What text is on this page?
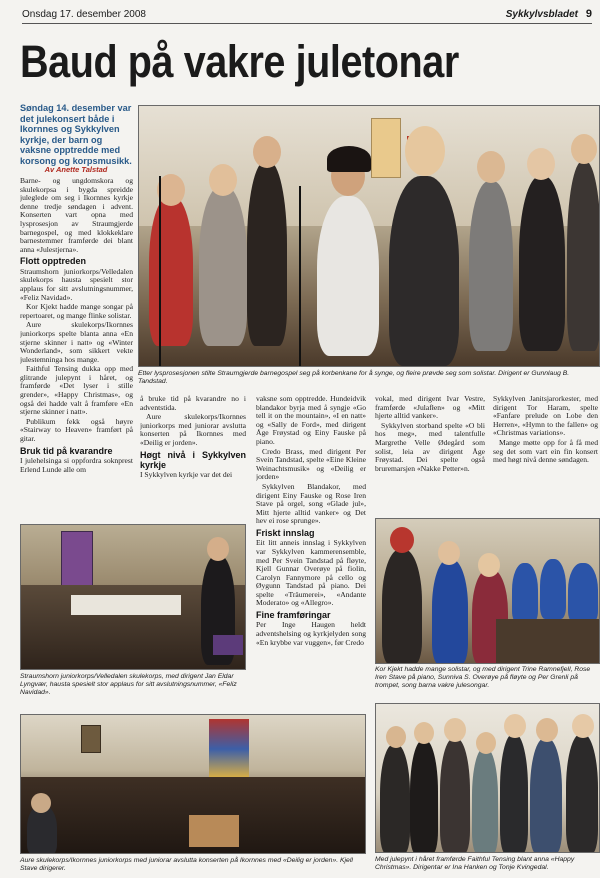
Onsdag 17. desember 2008	Sykkylvsbladet 9
Baud på vakre juletonar
Søndag 14. desember var det julekonsert både i Ikornnes og Sykkylven kyrkje, der barn og vaksne opptredde med korsong og korpsmusikk.
Av Anette Talstad

Barne- og ungdomskora og skulekorpsa i bygda spreidde juleglede om seg i Ikornnes kyrkje denne tredje søndagen i advent. Konserten vart opna med lysprosesjon av Straumgjerde barnegospel, og med klokkeklare barnestemmer framførde dei blant anna «Julestjerna».

Flott opptreden

Straumshorn juniorkorps/Velledalen skulekorps hausta spesielt stor applaus for sitt avslutningsnummer, «Feliz Navidad».

Kor Kjekt hadde mange songar på repertoaret, og mange flinke solistar.

Aure skulekorps/Ikornnes juniorkorps spelte blanta anna «En stjerne skinner i natt» og «Winter Wonderland», som sikkert vekte julestemninga hos mange.

Faithful Tensing dukka opp med glitrande julepynt i håret, og framførde «Det lyser i stille grender», «Happy Christmas», og også dei hadde valt å framføre «En stjerne skinner i natt».

Publikum fekk også høyre «Stairway to Heaven» framført på gitar.

Bruk tid på kvarandre

I julehelsinga si oppfordra soknprest Erlend Lunde alle om

Etter lysprosesjonen stilte Straumgjerde barnegospel seg på korbenkane for å synge, og fleire prøvde seg som solistar. Dirigent er Gunnlaug B. Tandstad.

å bruke tid på kvarandre no i adventstida.

Aure skulekorps/Ikornnes juniorkorps med juniorar avslutta konserten på Ikornnes med «Deilig er jorden».

Høgt nivå i Sykkylven kyrkje

I Sykkylven kyrkje var det dei

vaksne som opptredde. Hundeidvik blandakor byrja med å syngje «Go tell it on the mountain», «I en natt» og «Sally de Ford», med dirigent Åge Frøystad og Einy Fauske på piano.

Credo Brass, med dirigent Per Svein Tandstad, spelte «Eine Kleine Weinachtsmusik» og «Deilig er jorden»

Sykkylven Blandakor, med dirigent Einy Fauske og Rose Iren Stave på orgel, song «Glade jul», Mitt hjerte alltid vanker» og Det hev ei rose sprunge».

Friskt innslag

Eit litt anneis innslag i Sykkylven var Sykkylven kammerensemble, med Per Svein Tandstad på fløyte, Kjell Gunnar Overøye på fiolin, Carolyn Fannymore på cello og Øygunn Tandstad på piano. Dei spelte «Träumerei», «Andante Moderato» og «Allegro».

Fine framføringar

Per Inge Haugen heldt adventshelsing og kyrkjelyden song «En krybbe var vuggen», før Credo

vokal, med dirigent Ivar Vestre, framførde «Julafłen» og «Mitt hjerte alltid vanker».

Sykkylven storband spelte «O bli hos meg», med talentfulle Margrethe Velle Ødegård som solist, leia av dirigent Åge Frøystad. Dei spelte også bruremarsjen «Nakke Petter»n.

Sykkylven Janitsjarorkester, med dirigent Tor Haram, spelte «Fanfare prelude on Lobe den Herren», «Hymn to the fallen» og «Christmas variations».

Mange møtte opp for å få med seg det som vart ein fin konsert med høgt nivå denne søndagen.

Straumshorn juniorkorps/Velledalen skulekorps, med dirigent Jan Eldar Lyngvær, hausta spesielt stor applaus for sitt avslutningsnummer, «Feliz Navidad».
Kor Kjekt hadde mange solistar, og med dirigent Trine Ramnefjell, Rose Iren Stave på piano, Sunniva S. Overøye på fløyte og Per Grenli på trompet, song barna vakre julesongar.
Aure skulekorps/Ikornnes juniorkorps med juniorar avslutta konserten på Ikornnes med «Deilig er jorden». Kjell Stave dirigerer.
Med julepynt i håret framførde Faithful Tensing blant anna «Happy Christmas». Dirigentar er Ina Hanken og Tonje Kvingedal.
